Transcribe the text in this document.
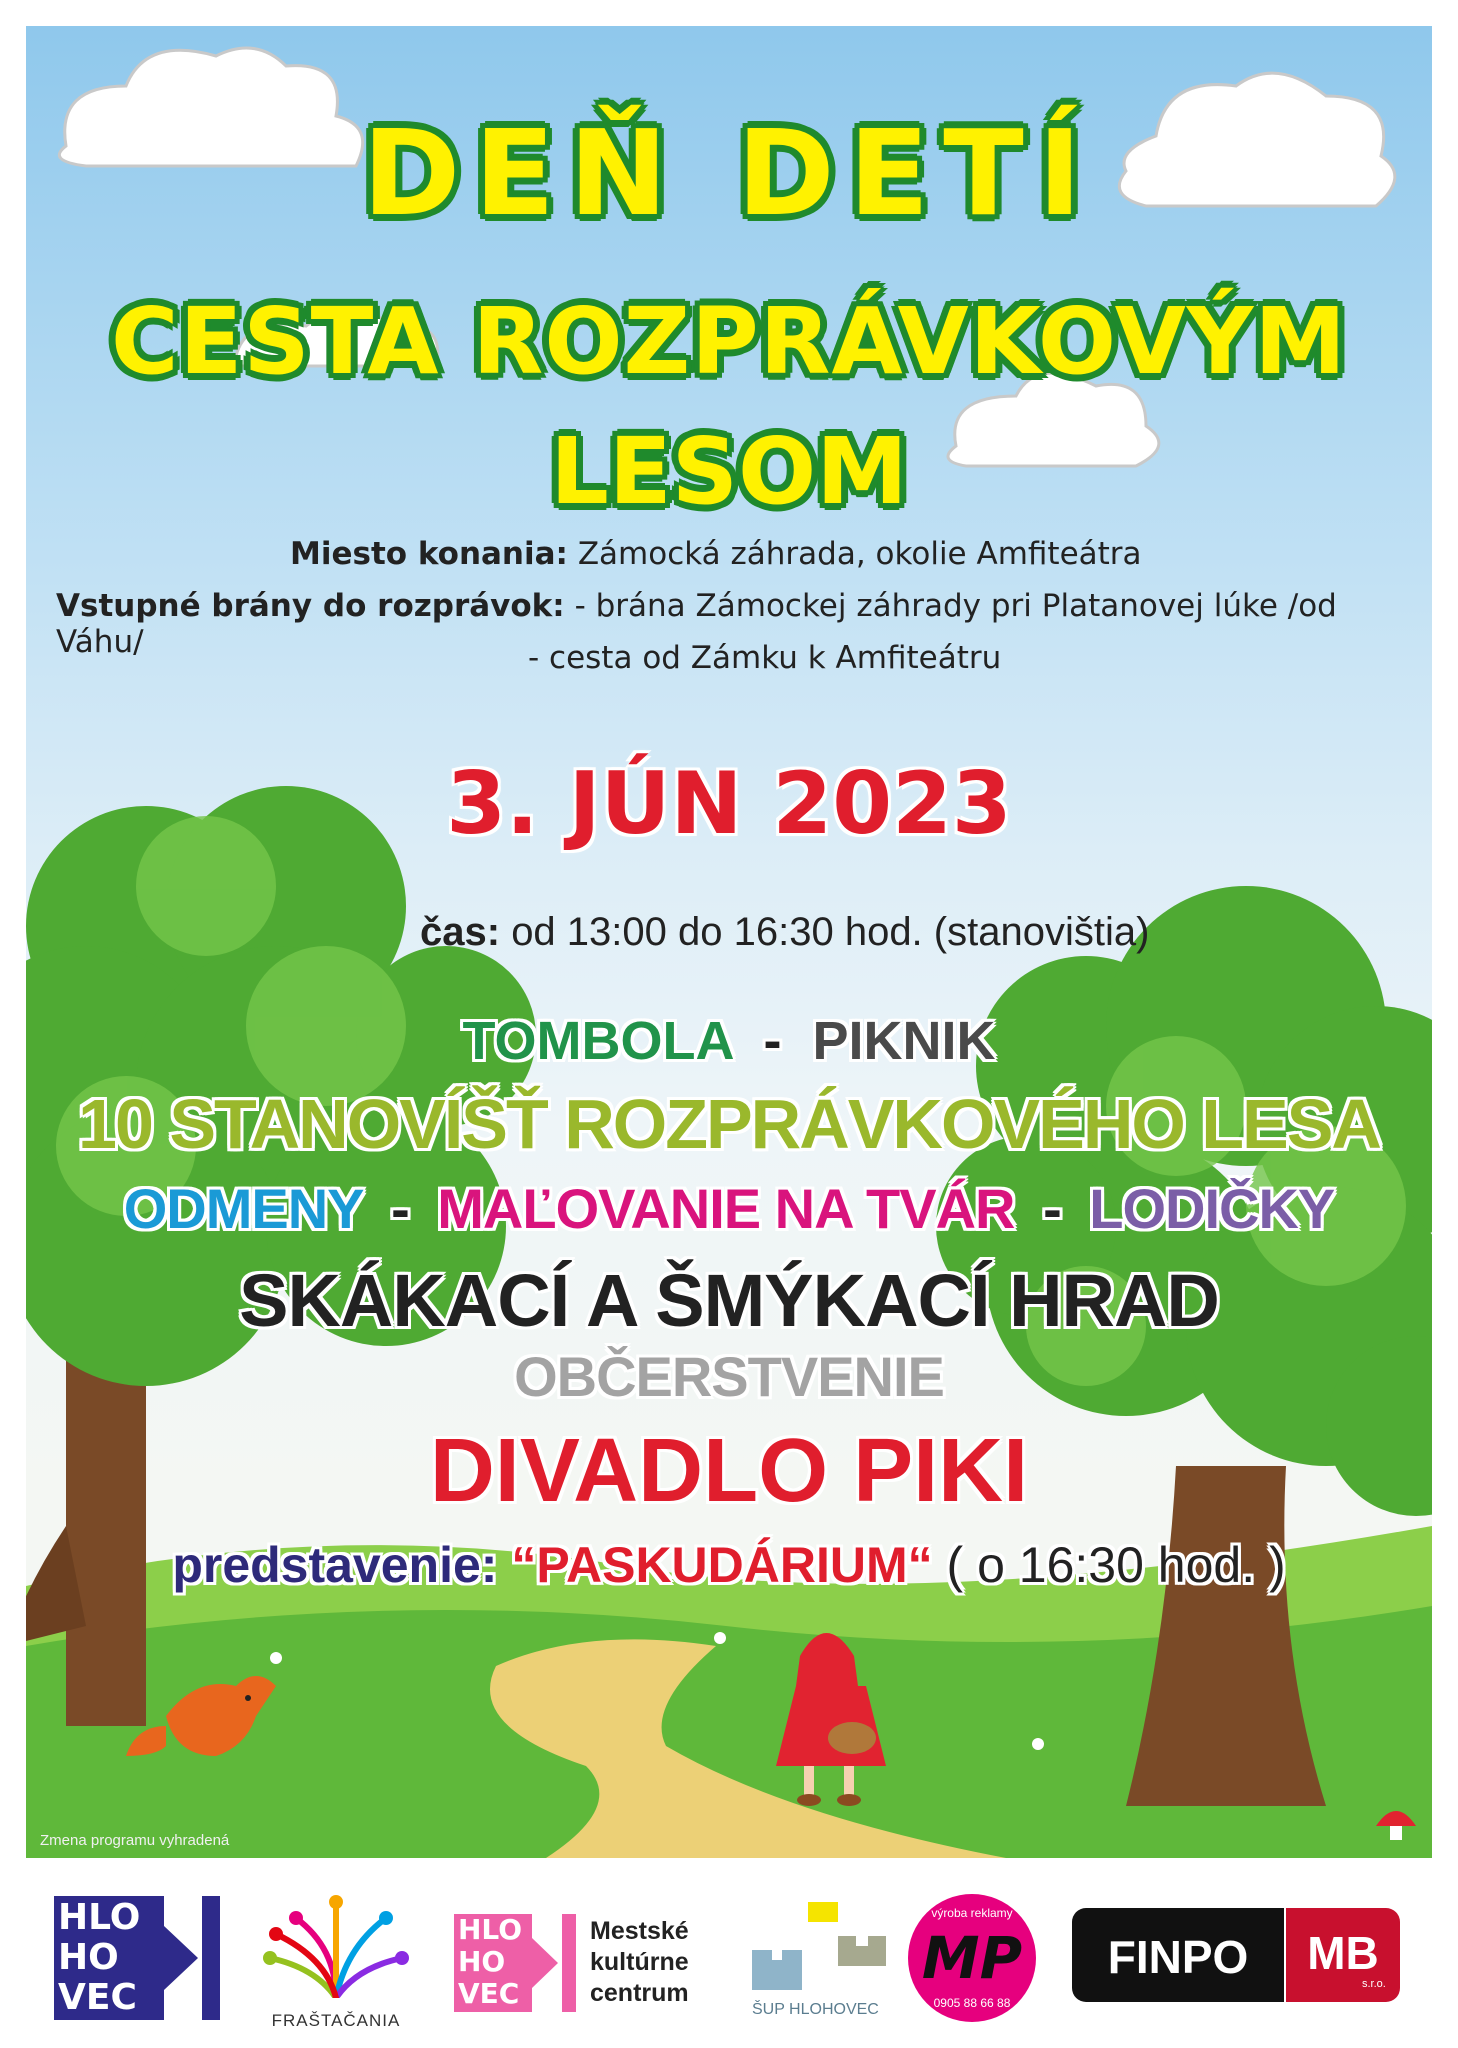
DEŇ DETÍ
CESTA ROZPRÁVKOVÝM
LESOM
Miesto konania: Zámocká záhrada, okolie Amfiteátra
Vstupné brány do rozprávok: - brána Zámockej záhrady pri Platanovej lúke /od Váhu/	- cesta od Zámku k Amfiteátru
3. JÚN 2023
čas: od 13:00 do 16:30 hod. (stanovištia)
TOMBOLA - PIKNIK
10 STANOVÍŠŤ ROZPRÁVKOVÉHO LESA
ODMENY - MAĽOVANIE NA TVÁR - LODIČKY
SKÁKACÍ A ŠMÝKACÍ HRAD
OBČERSTVENIE
DIVADLO PIKI
predstavenie: “PASKUDÁRIUM“ ( o 16:30 hod. )
Zmena programu vyhradená
HLO
HO
VEC
FRAŠTAČANIA
HLO
HO
VEC
Mestské
kultúrne
centrum
ŠUP HLOHOVEC
výroba reklamy
MP
0905 88 66 88
FINPO	MB
s.r.o.
